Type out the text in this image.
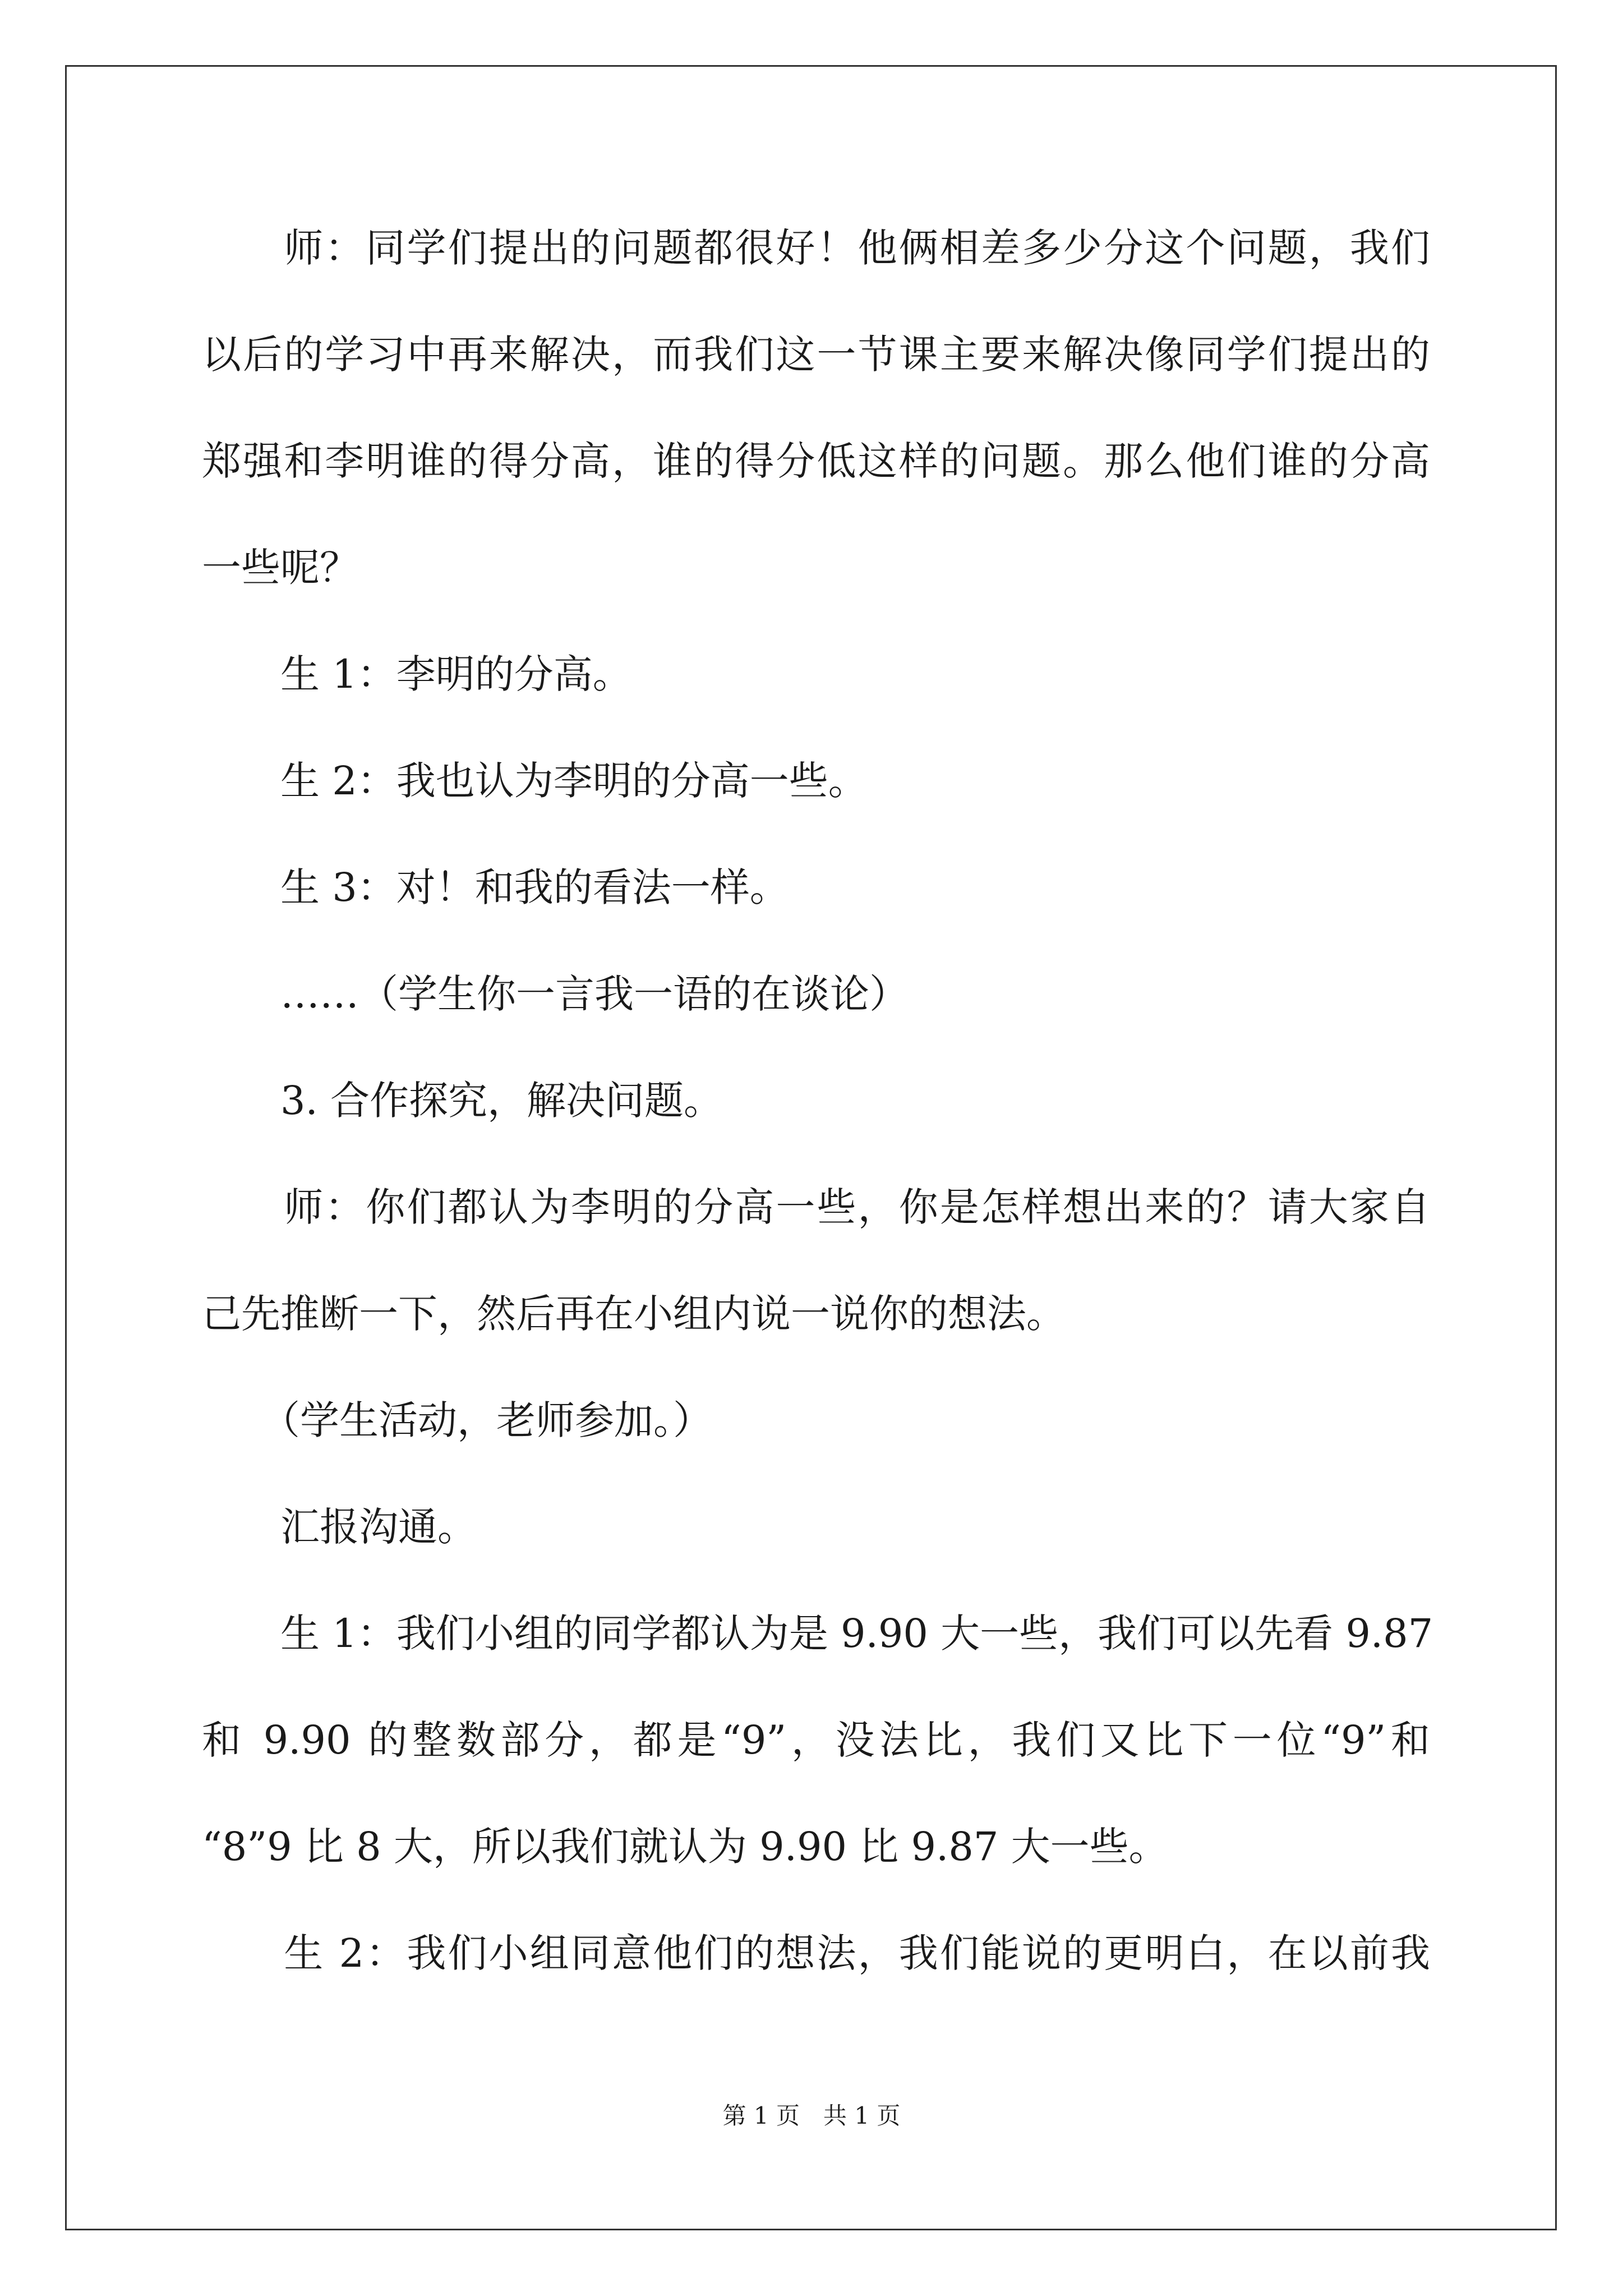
　　师：同学们提出的问题都很好！他俩相差多少分这个问题，我们
以后的学习中再来解决，而我们这一节课主要来解决像同学们提出的
郑强和李明谁的得分高，谁的得分低这样的问题。那么他们谁的分高
一些呢？
　　生 1：李明的分高。
　　生 2：我也认为李明的分高一些。
　　生 3：对！和我的看法一样。
　　……（学生你一言我一语的在谈论）
　　3. 合作探究，解决问题。
　　师：你们都认为李明的分高一些，你是怎样想出来的？请大家自
己先推断一下，然后再在小组内说一说你的想法。
　　（学生活动，老师参加。）
　　汇报沟通。
　　生 1：我们小组的同学都认为是 9.90 大一些，我们可以先看 9.87
和 9.90 的整数部分，都是“9”，没法比，我们又比下一位“9”和
“8”9 比 8 大，所以我们就认为 9.90 比 9.87 大一些。
　　生 2：我们小组同意他们的想法，我们能说的更明白，在以前我
第 1 页　共 1 页
